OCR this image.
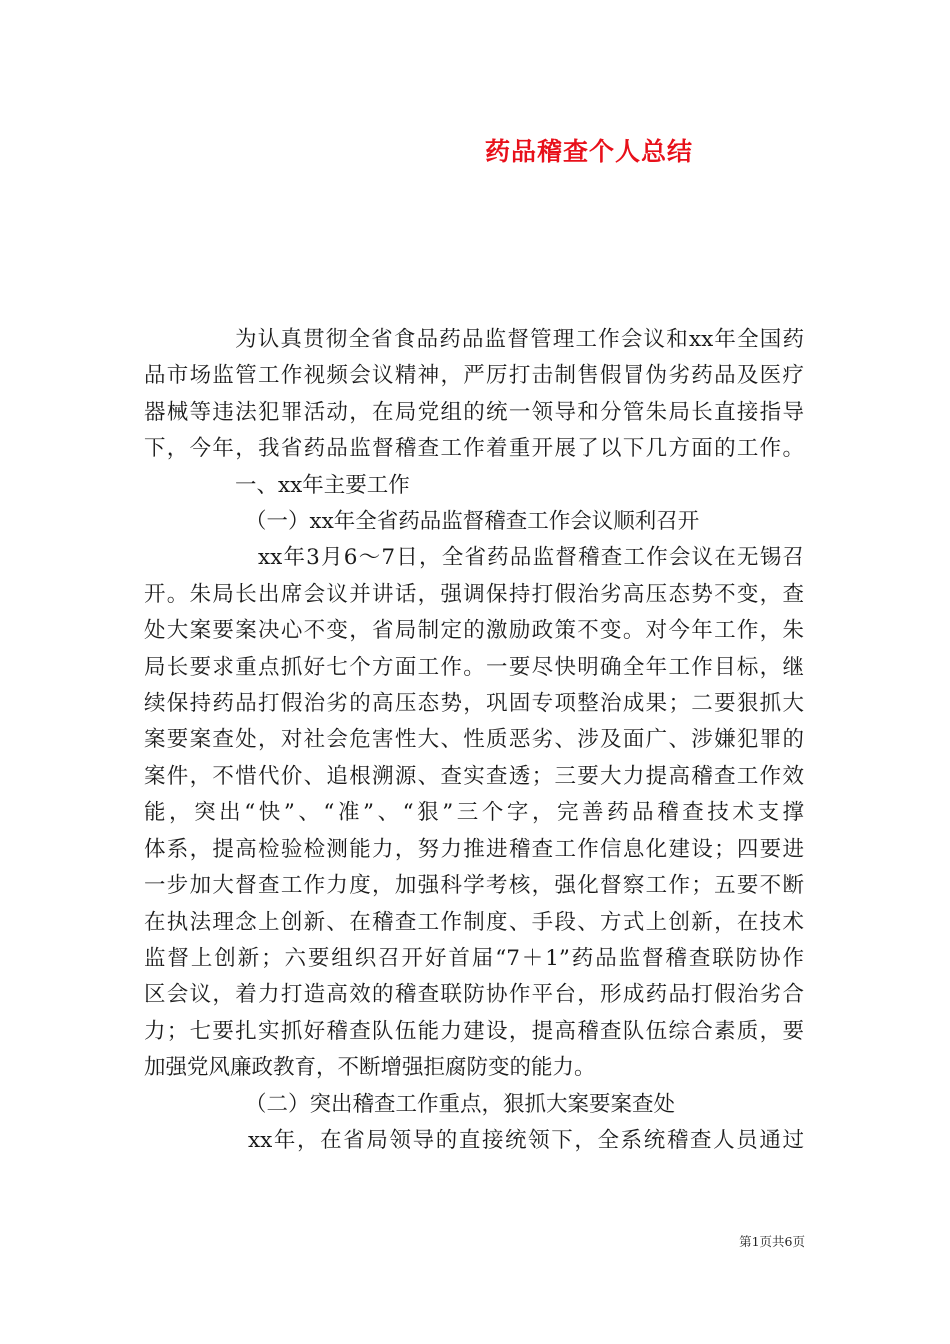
药品稽查个人总结

为认真贯彻全省食品药品监督管理工作会议和xx年全国药

品市场监管工作视频会议精神，严厉打击制售假冒伪劣药品及医疗

器械等违法犯罪活动，在局党组的统一领导和分管朱局长直接指导

下，今年，我省药品监督稽查工作着重开展了以下几方面的工作。

一、xx年主要工作

（一）xx年全省药品监督稽查工作会议顺利召开

xx年3月6～7日，全省药品监督稽查工作会议在无锡召

开。朱局长出席会议并讲话，强调保持打假治劣高压态势不变，查

处大案要案决心不变，省局制定的激励政策不变。对今年工作，朱

局长要求重点抓好七个方面工作。一要尽快明确全年工作目标，继

续保持药品打假治劣的高压态势，巩固专项整治成果；二要狠抓大

案要案查处，对社会危害性大、性质恶劣、涉及面广、涉嫌犯罪的

案件，不惜代价、追根溯源、查实查透；三要大力提高稽查工作效

能，突出“快”、“准”、“狠”三个字，完善药品稽查技术支撑

体系，提高检验检测能力，努力推进稽查工作信息化建设；四要进

一步加大督查工作力度，加强科学考核，强化督察工作；五要不断

在执法理念上创新、在稽查工作制度、手段、方式上创新，在技术

监督上创新；六要组织召开好首届“7＋1”药品监督稽查联防协作

区会议，着力打造高效的稽查联防协作平台，形成药品打假治劣合

力；七要扎实抓好稽查队伍能力建设，提高稽查队伍综合素质，要

加强党风廉政教育，不断增强拒腐防变的能力。

（二）突出稽查工作重点，狠抓大案要案查处

xx年，在省局领导的直接统领下，全系统稽查人员通过

第1页共6页
